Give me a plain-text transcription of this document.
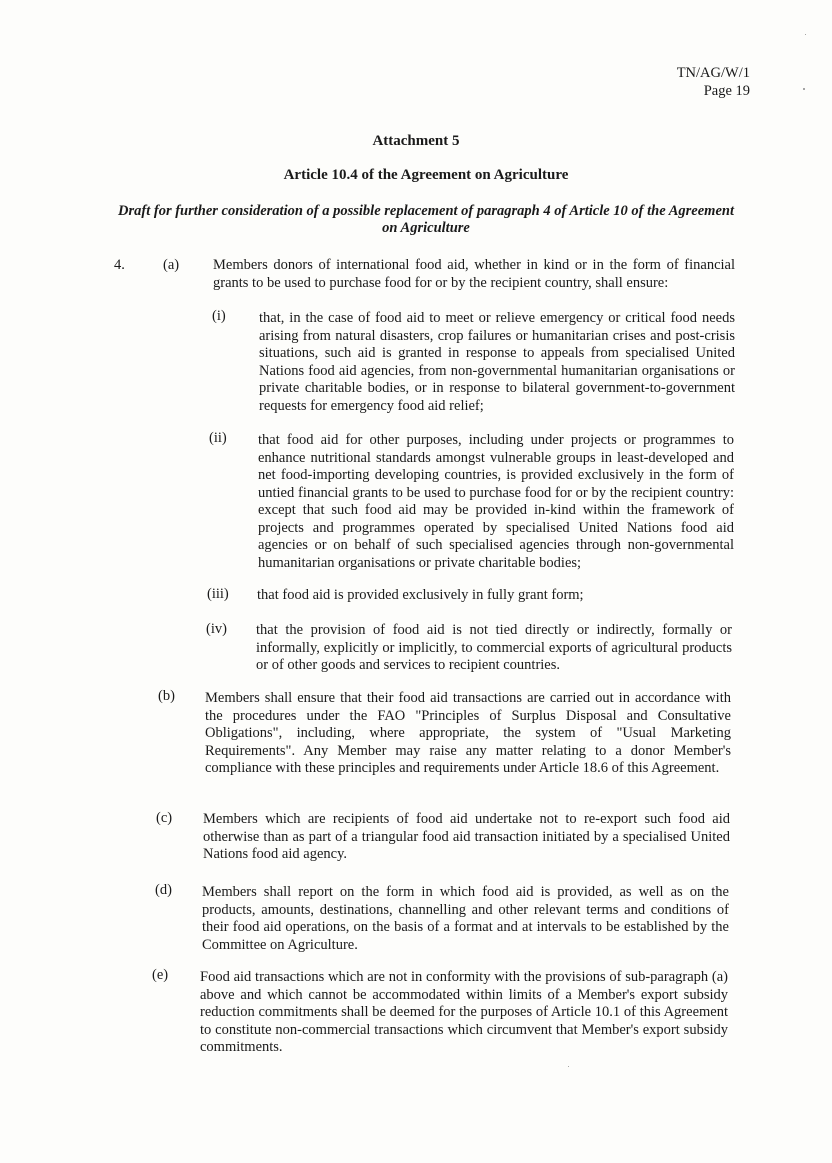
TN/AG/W/1
Page 19
Attachment 5
Article 10.4 of the Agreement on Agriculture
Draft for further consideration of a possible replacement of paragraph 4 of Article 10 of the Agreement on Agriculture
4.	(a) Members donors of international food aid, whether in kind or in the form of financial grants to be used to purchase food for or by the recipient country, shall ensure:
(i) that, in the case of food aid to meet or relieve emergency or critical food needs arising from natural disasters, crop failures or humanitarian crises and post-crisis situations, such aid is granted in response to appeals from specialised United Nations food aid agencies, from non-governmental humanitarian organisations or private charitable bodies, or in response to bilateral government-to-government requests for emergency food aid relief;
(ii) that food aid for other purposes, including under projects or programmes to enhance nutritional standards amongst vulnerable groups in least-developed and net food-importing developing countries, is provided exclusively in the form of untied financial grants to be used to purchase food for or by the recipient country: except that such food aid may be provided in-kind within the framework of projects and programmes operated by specialised United Nations food aid agencies or on behalf of such specialised agencies through non-governmental humanitarian organisations or private charitable bodies;
(iii) that food aid is provided exclusively in fully grant form;
(iv) that the provision of food aid is not tied directly or indirectly, formally or informally, explicitly or implicitly, to commercial exports of agricultural products or of other goods and services to recipient countries.
(b) Members shall ensure that their food aid transactions are carried out in accordance with the procedures under the FAO "Principles of Surplus Disposal and Consultative Obligations", including, where appropriate, the system of "Usual Marketing Requirements". Any Member may raise any matter relating to a donor Member's compliance with these principles and requirements under Article 18.6 of this Agreement.
(c) Members which are recipients of food aid undertake not to re-export such food aid otherwise than as part of a triangular food aid transaction initiated by a specialised United Nations food aid agency.
(d) Members shall report on the form in which food aid is provided, as well as on the products, amounts, destinations, channelling and other relevant terms and conditions of their food aid operations, on the basis of a format and at intervals to be established by the Committee on Agriculture.
(e) Food aid transactions which are not in conformity with the provisions of sub-paragraph (a) above and which cannot be accommodated within limits of a Member's export subsidy reduction commitments shall be deemed for the purposes of Article 10.1 of this Agreement to constitute non-commercial transactions which circumvent that Member's export subsidy commitments.
